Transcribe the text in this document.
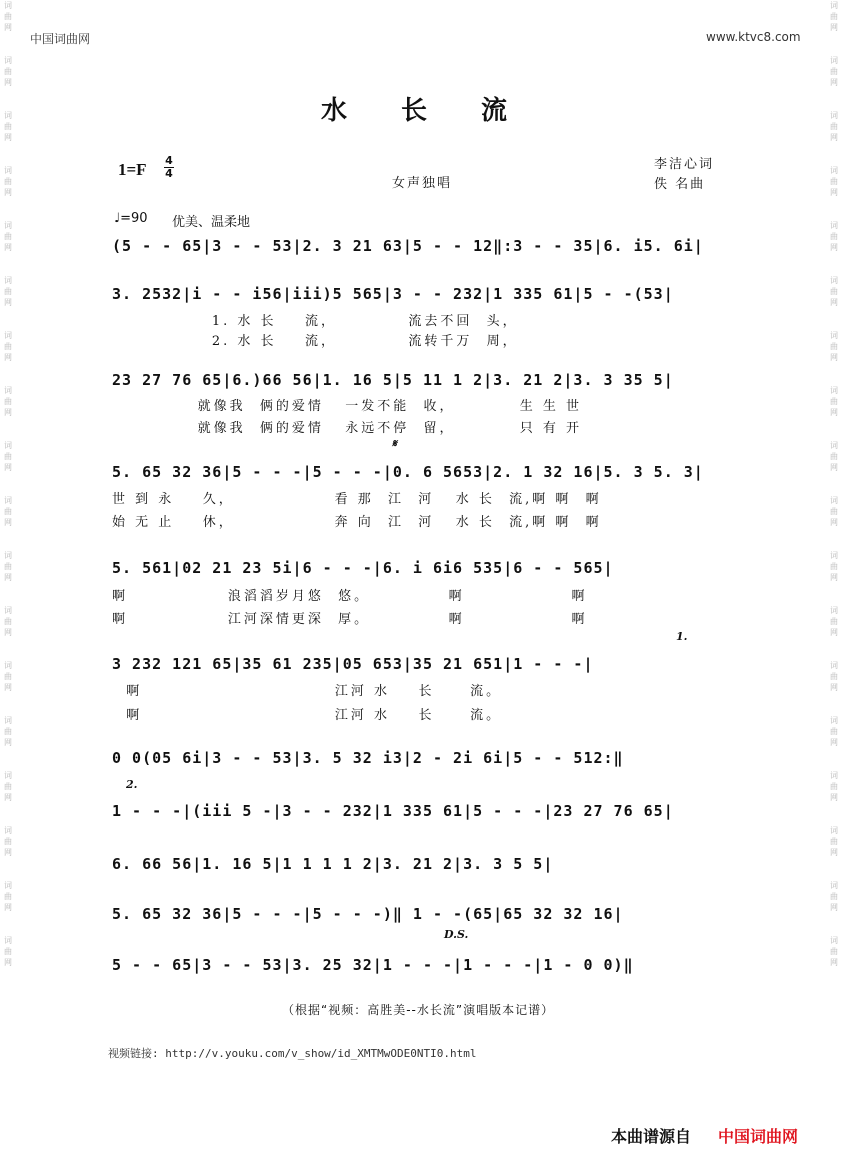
词
曲
网

词
曲
网

词
曲
网

词
曲
网

词
曲
网

词
曲
网

词
曲
网

词
曲
网

词
曲
网

词
曲
网

词
曲
网

词
曲
网

词
曲
网

词
曲
网

词
曲
网

词
曲
网

词
曲
网

词
曲
网

词
曲
网

词
曲
网

词
曲
网

词
曲
网

词
曲
网

词
曲
网

词
曲
网

词
曲
网

词
曲
网

词
曲
网

词
曲
网

词
曲
网

词
曲
网

词
曲
网

词
曲
网

词
曲
网

词
曲
网

词
曲
网

中国词曲网	www.ktvc8.com
水 长 流
1=F 4
4
女声独唱
李洁心词
佚 名曲
♩=90 优美、温柔地
(5 - - 65|3 - - 53|2. 3 21 63|5 - - 12‖:3 - - 35|6. i5. 6i|
3. 2532|i - - i56|iii)5 565|3 - - 232|1 335 61|5 - -(53|
1. 水 长    流，          流去不回  头，
2. 水 长    流，          流转千万  周，
23 27 76 65|6.)66 56|1. 16 5|5 11 1 2|3. 21 2|3. 3 35 5|
就像我  俩的爱情   一发不能  收，         生 生 世
就像我  俩的爱情   永远不停  留，         只 有 开
𝄋
5. 65 32 36|5 - - -|5 - - -|0. 6 5653|2. 1 32 16|5. 3 5. 3|
世 到 永    久，              看 那  江  河   水 长  流,啊 啊  啊
始 无 止    休，              奔 向  江  河   水 长  流,啊 啊  啊
5. 561|02 21 23 5i|6 - - -|6. i 6i6 535|6 - - 565|
啊              浪滔滔岁月悠  悠。           啊               啊
啊              江河深情更深  厚。           啊               啊
1.
3 232 121 65|35 61 235|05 653|35 21 651|1 - - -|
啊                           江河 水    长     流。
啊                           江河 水    长     流。
0 0(05 6i|3 - - 53|3. 5 32 i3|2 - 2i 6i|5 - - 512:‖
2.
1 - - -|(iii 5 -|3 - - 232|1 335 61|5 - - -|23 27 76 65|
6. 66 56|1. 16 5|1 1 1 1 2|3. 21 2|3. 3 5 5|
5. 65 32 36|5 - - -|5 - - -)‖ 1 - -(65|65 32 32 16|
D.S.
5 - - 65|3 - - 53|3. 25 32|1 - - -|1 - - -|1 - 0 0)‖
（根据“视频：高胜美--水长流”演唱版本记谱）
视频链接: http://v.youku.com/v_show/id_XMTMwODE0NTI0.html
本曲谱源自 中国词曲网
